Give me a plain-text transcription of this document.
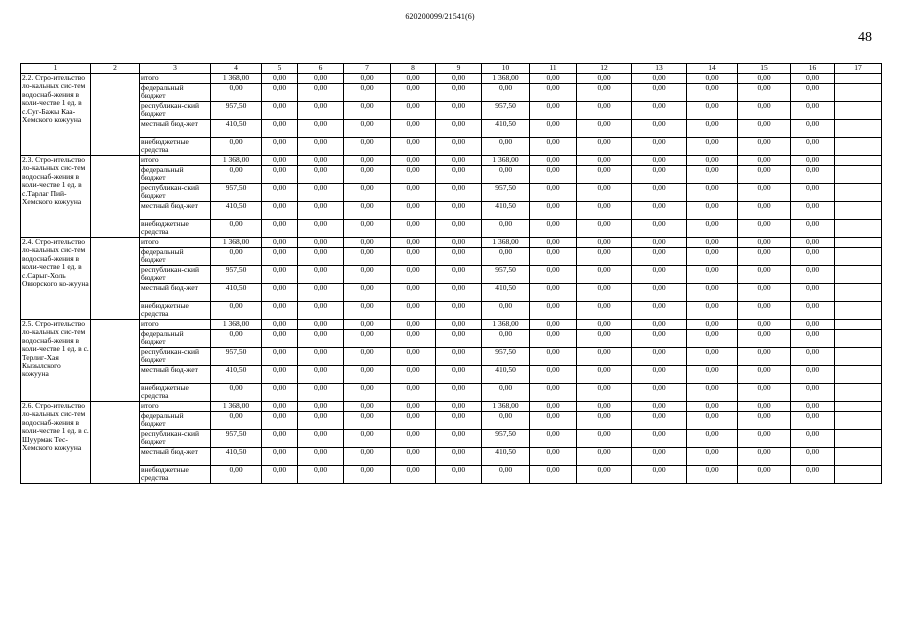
620200099/21541(6)
48
1	2	3	4	5	6	7	8	9	10	11	12	13	14	15	16	17
2.2. Стро-ительство ло-кальных сис-тем водоснаб-жения в коли-честве 1 ед. в с.Суг-Бажы Каа-Хемского кожууна		итого	1 368,00	0,00	0,00	0,00	0,00	0,00	1 368,00	0,00	0,00	0,00	0,00	0,00	0,00	
		федеральный бюджет	0,00	0,00	0,00	0,00	0,00	0,00	0,00	0,00	0,00	0,00	0,00	0,00	0,00	
		республикан-ский бюджет	957,50	0,00	0,00	0,00	0,00	0,00	957,50	0,00	0,00	0,00	0,00	0,00	0,00	
		местный бюд-жет	410,50	0,00	0,00	0,00	0,00	0,00	410,50	0,00	0,00	0,00	0,00	0,00	0,00	
		внебюджетные средства	0,00	0,00	0,00	0,00	0,00	0,00	0,00	0,00	0,00	0,00	0,00	0,00	0,00	
2.3. Стро-ительство ло-кальных сис-тем водоснаб-жения в коли-честве 1 ед. в с.Тарлаг Пий-Хемского кожууна		итого	1 368,00	0,00	0,00	0,00	0,00	0,00	1 368,00	0,00	0,00	0,00	0,00	0,00	0,00	
		федеральный бюджет	0,00	0,00	0,00	0,00	0,00	0,00	0,00	0,00	0,00	0,00	0,00	0,00	0,00	
		республикан-ский бюджет	957,50	0,00	0,00	0,00	0,00	0,00	957,50	0,00	0,00	0,00	0,00	0,00	0,00	
		местный бюд-жет	410,50	0,00	0,00	0,00	0,00	0,00	410,50	0,00	0,00	0,00	0,00	0,00	0,00	
		внебюджетные средства	0,00	0,00	0,00	0,00	0,00	0,00	0,00	0,00	0,00	0,00	0,00	0,00	0,00	
2.4. Стро-ительство ло-кальных сис-тем водоснаб-жения в коли-честве 1 ед. в с.Сарыг-Холь Овюрского ко-жууна		итого	1 368,00	0,00	0,00	0,00	0,00	0,00	1 368,00	0,00	0,00	0,00	0,00	0,00	0,00	
		федеральный бюджет	0,00	0,00	0,00	0,00	0,00	0,00	0,00	0,00	0,00	0,00	0,00	0,00	0,00	
		республикан-ский бюджет	957,50	0,00	0,00	0,00	0,00	0,00	957,50	0,00	0,00	0,00	0,00	0,00	0,00	
		местный бюд-жет	410,50	0,00	0,00	0,00	0,00	0,00	410,50	0,00	0,00	0,00	0,00	0,00	0,00	
		внебюджетные средства	0,00	0,00	0,00	0,00	0,00	0,00	0,00	0,00	0,00	0,00	0,00	0,00	0,00	
2.5. Стро-ительство ло-кальных сис-тем водоснаб-жения в коли-честве 1 ед. в с. Терлиг-Хая Кызылского кожууна		итого	1 368,00	0,00	0,00	0,00	0,00	0,00	1 368,00	0,00	0,00	0,00	0,00	0,00	0,00	
		федеральный бюджет	0,00	0,00	0,00	0,00	0,00	0,00	0,00	0,00	0,00	0,00	0,00	0,00	0,00	
		республикан-ский бюджет	957,50	0,00	0,00	0,00	0,00	0,00	957,50	0,00	0,00	0,00	0,00	0,00	0,00	
		местный бюд-жет	410,50	0,00	0,00	0,00	0,00	0,00	410,50	0,00	0,00	0,00	0,00	0,00	0,00	
		внебюджетные средства	0,00	0,00	0,00	0,00	0,00	0,00	0,00	0,00	0,00	0,00	0,00	0,00	0,00	
2.6. Стро-ительство ло-кальных сис-тем водоснаб-жения в коли-честве 1 ед. в с. Шуурмак Тес-Хемского кожууна		итого	1 368,00	0,00	0,00	0,00	0,00	0,00	1 368,00	0,00	0,00	0,00	0,00	0,00	0,00	
		федеральный бюджет	0,00	0,00	0,00	0,00	0,00	0,00	0,00	0,00	0,00	0,00	0,00	0,00	0,00	
		республикан-ский бюджет	957,50	0,00	0,00	0,00	0,00	0,00	957,50	0,00	0,00	0,00	0,00	0,00	0,00	
		местный бюд-жет	410,50	0,00	0,00	0,00	0,00	0,00	410,50	0,00	0,00	0,00	0,00	0,00	0,00	
		внебюджетные средства	0,00	0,00	0,00	0,00	0,00	0,00	0,00	0,00	0,00	0,00	0,00	0,00	0,00	
